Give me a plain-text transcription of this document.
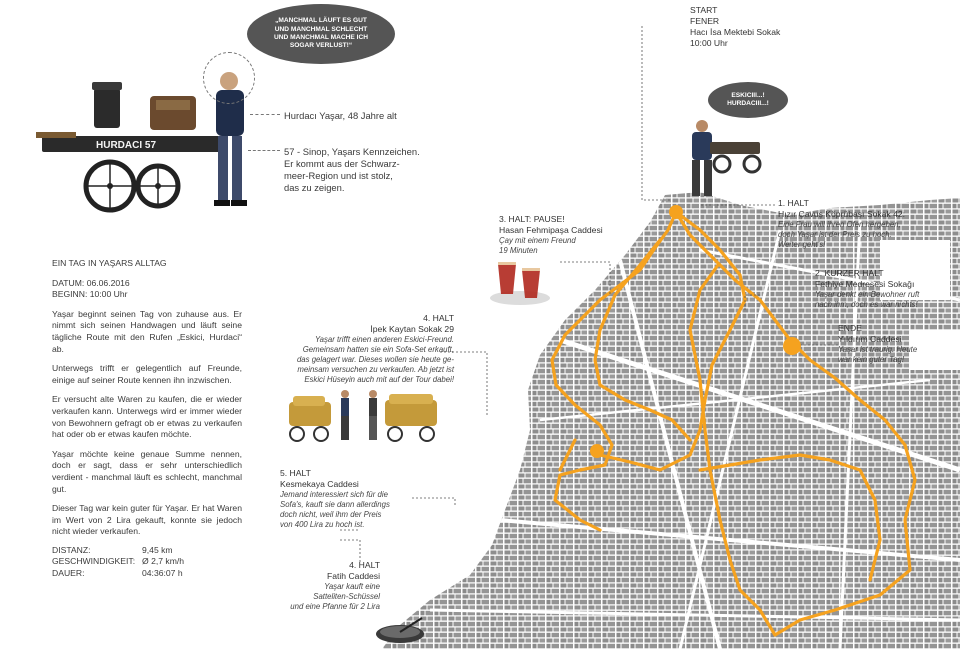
HURDACI 57
„MANCHMAL LÄUFT ES GUT
UND MANCHMAL SCHLECHT
UND MANCHMAL MACHE ICH
SOGAR VERLUST!“
ESKICIII...!
HURDACIII...!
Hurdacı Yaşar, 48 Jahre alt
57 - Sinop, Yaşars Kennzeichen.
Er kommt aus der Schwarz-
meer-Region und ist stolz,
das zu zeigen.

EIN TAG IN YAŞARS ALLTAG

DATUM: 06.06.2016
BEGINN: 10:00 Uhr

Yaşar beginnt seinen Tag von zuhause aus. Er nimmt sich seinen Handwagen und läuft seine tägliche Route mit den Rufen „Eskici, Hurdaci“ ab.

Unterwegs trifft er gelegentlich auf Freunde, einige auf seiner Route kennen ihn inzwischen.

Er versucht alte Waren zu kaufen, die er wieder verkaufen kann. Unterwegs wird er immer wieder von Bewohnern gefragt ob er etwas zu verkaufen hat oder ob er etwas kaufen möchte.

Yaşar möchte keine genaue Summe nennen, doch er sagt, dass er sehr unterschiedlich verdient - manchmal läuft es schlecht, manchmal gut.

Dieser Tag war kein guter für Yaşar. Er hat Waren im Wert von 2 Lira gekauft, konnte sie jedoch nicht wieder verkaufen.

DISTANZ:	9,45 km
GESCHWINDIGKEIT: Ø 2,7 km/h
DAUER:	04:36:07 h
START
FENER
Hacı İsa Mektebi Sokak
10:00 Uhr
1. HALT
Hızır Çavuş Köprübaşı Sokak 42:
Eine Frau will ihren Ofen hergeben,
doch Yaşar ist der Preis zu hoch.
Weiter geht's!
2. KURZER HALT
Fethiye Medresesi Sokağı
Yaşar denkt ein Bewohner ruft
nach ihm, doch es war nichts!
ENDE
Yıldırım Caddesi
Yaşar ist traurig. Heute
war kein guter Tag!
3. HALT: PAUSE!
Hasan Fehmipaşa Caddesi
Çay mit einem Freund
19 Minuten
4. HALT
İpek Kaytan Sokak 29
Yaşar trifft einen anderen Eskici-Freund.
Gemeinsam hatten sie ein Sofa-Set erkauft,
das gelagert war. Dieses wollen sie heute ge-
meinsam versuchen zu verkaufen. Ab jetzt ist
Eskici Hüseyin auch mit auf der Tour dabei!
5. HALT
Kesmekaya Caddesi
Jemand interessiert sich für die
Sofa's, kauft sie dann allerdings
doch nicht, weil ihm der Preis
von 400 Lira zu hoch ist.
4. HALT
Fatih Caddesi
Yaşar kauft eine
Satteliten-Schüssel
und eine Pfanne für 2 Lira
